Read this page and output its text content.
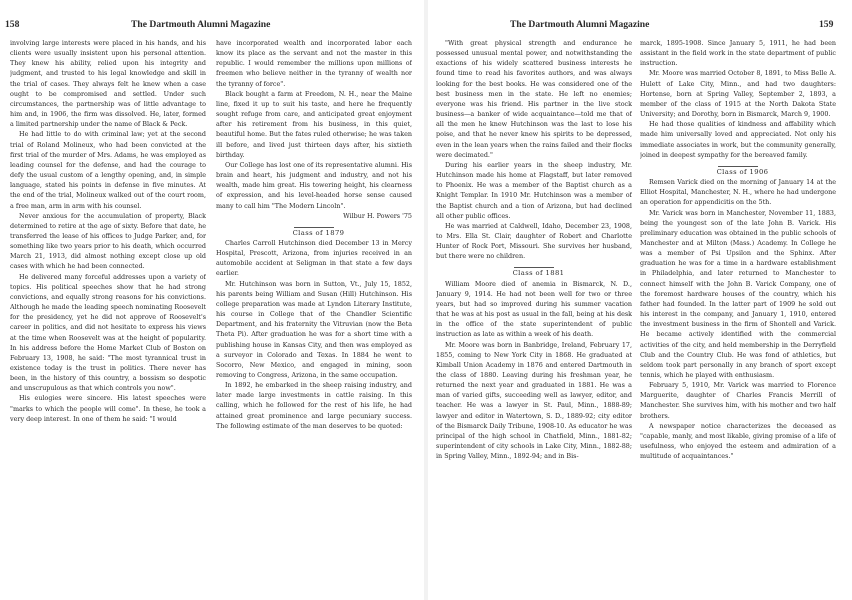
158	The Dartmouth Alumni Magazine	The Dartmouth Alumni Magazine	159

involving large interests were placed in his hands, and his clients were usually insistent upon his personal attention. They knew his ability, relied upon his integrity and judgment, and trusted to his legal knowledge and skill in the trial of cases. They always felt he knew when a case ought to be compromised and settled. Under such circumstances, the partnership was of little advantage to him and, in 1906, the firm was dissolved. He, later, formed a limited partnership under the name of Black & Peck.

He had little to do with criminal law; yet at the second trial of Roland Molineux, who had been convicted at the first trial of the murder of Mrs. Adams, he was employed as leading counsel for the defense, and had the courage to defy the usual custom of a lengthy opening, and, in simple language, stated his points in defense in five minutes. At the end of the trial, Molineux walked out of the court room, a free man, arm in arm with his counsel.

Never anxious for the accumulation of property, Black determined to retire at the age of sixty. Before that date, he transferred the lease of his offices to Judge Parker, and, for something like two years prior to his death, which occurred March 21, 1913, did almost nothing except close up old cases with which he had been connected.

He delivered many forceful addresses upon a variety of topics. His political speeches show that he had strong convictions, and equally strong reasons for his convictions. Although he made the leading speech nominating Roosevelt for the presidency, yet he did not approve of Roosevelt's career in politics, and did not hesitate to express his views at the time when Roosevelt was at the height of popularity. In his address before the Home Market Club of Boston on February 13, 1908, he said: "The most tyrannical trust in existence today is the trust in politics. There never has been, in the history of this country, a bossism so despotic and unscrupulous as that which controls you now".

His eulogies were sincere. His latest speeches were "marks to which the people will come". In these, he took a very deep interest. In one of them he said: "I would

have incorporated wealth and incorporated labor each know its place as the servant and not the master in this republic. I would remember the millions upon millions of freemen who believe neither in the tyranny of wealth nor the tyranny of force".

Black bought a farm at Freedom, N. H., near the Maine line, fixed it up to suit his taste, and here he frequently sought refuge from care, and anticipated great enjoyment after his retirement from his business, in this quiet, beautiful home. But the fates ruled otherwise; he was taken ill before, and lived just thirteen days after, his sixtieth birthday.

Our College has lost one of its representative alumni. His brain and heart, his judgment and industry, and not his wealth, made him great. His towering height, his clearness of expression, and his level-headed horse sense caused many to call him "The Modern Lincoln".

Wilbur H. Powers '75

Class of 1879

Charles Carroll Hutchinson died December 13 in Mercy Hospital, Prescott, Arizona, from injuries received in an automobile accident at Seligman in that state a few days earlier.

Mr. Hutchinson was born in Sutton, Vt., July 15, 1852, his parents being William and Susan (Hill) Hutchinson. His college preparation was made at Lyndon Literary Institute, his course in College that of the Chandler Scientific Department, and his fraternity the Vitruvian (now the Beta Theta Pi). After graduation he was for a short time with a publishing house in Kansas City, and then was employed as a surveyor in Colorado and Texas. In 1884 he went to Socorro, New Mexico, and engaged in mining, soon removing to Congress, Arizona, in the same occupation.

In 1892, he embarked in the sheep raising industry, and later made large investments in cattle raising. In this calling, which he followed for the rest of his life, he had attained great prominence and large pecuniary success. The following estimate of the man deserves to be quoted:

"With great physical strength and endurance he possessed unusual mental power, and notwithstanding the exactions of his widely scattered business interests he found time to read his favorites authors, and was always looking for the best books. He was considered one of the best business men in the state. He left no enemies; everyone was his friend. His partner in the live stock business—a banker of wide acquaintance—told me that of all the men he knew Hutchinson was the last to lose his poise, and that he never knew his spirits to be depressed, even in the lean years when the rains failed and their flocks were decimated."

During his earlier years in the sheep industry, Mr. Hutchinson made his home at Flagstaff, but later removed to Phoenix. He was a member of the Baptist church as a Knight Templar. In 1910 Mr. Hutchinson was a member of the Baptist church and a tion of Arizona, but had declined all other public offices.

He was married at Caldwell, Idaho, December 23, 1908, to Mrs. Ella St. Clair, daughter of Robert and Charlotte Hunter of Rock Port, Missouri. She survives her husband, but there were no children.

Class of 1881

William Moore died of anemia in Bismarck, N. D., January 9, 1914. He had not been well for two or three years, but had so improved during his summer vacation that he was at his post as usual in the fall, being at his desk in the office of the state superintendent of public instruction as late as within a week of his death.

Mr. Moore was born in Banbridge, Ireland, February 17, 1855, coming to New York City in 1868. He graduated at Kimball Union Academy in 1876 and entered Dartmouth in the class of 1880. Leaving during his freshman year, he returned the next year and graduated in 1881. He was a man of varied gifts, succeeding well as lawyer, editor, and teacher. He was a lawyer in St. Paul, Minn., 1888-89; lawyer and editor in Watertown, S. D., 1889-92; city editor of the Bismarck Daily Tribune, 1908-10. As educator he was principal of the high school in Chatfield, Minn., 1881-82; superintendent of city schools in Lake City, Minn., 1882-88; in Spring Valley, Minn., 1892-94; and in Bis-

marck, 1895-1908. Since January 5, 1911, he had been assistant in the field work in the state department of public instruction.

Mr. Moore was married October 8, 1891, to Miss Belle A. Hulett of Lake City, Minn., and had two daughters: Hortense, born at Spring Valley, September 2, 1893, a member of the class of 1915 at the North Dakota State University; and Dorothy, born in Bismarck, March 9, 1900.

He had those qualities of kindness and affability which made him universally loved and appreciated. Not only his immediate associates in work, but the community generally, joined in deepest sympathy for the bereaved family.

Class of 1906

Remsen Varick died on the morning of January 14 at the Elliot Hospital, Manchester, N. H., where he had undergone an operation for appendicitis on the 5th.

Mr. Varick was born in Manchester, November 11, 1883, being the youngest son of the late John B. Varick. His preliminary education was obtained in the public schools of Manchester and at Milton (Mass.) Academy. In College he was a member of Psi Upsilon and the Sphinx. After graduation he was for a time in a hardware establishment in Philadelphia, and later returned to Manchester to connect himself with the John B. Varick Company, one of the foremost hardware houses of the country, which his father had founded. In the latter part of 1909 he sold out his interest in the company, and January 1, 1910, entered the investment business in the firm of Shontell and Varick. He became actively identified with the commercial activities of the city, and held membership in the Derryfield Club and the Country Club. He was fond of athletics, but seldom took part personally in any branch of sport except tennis, which he played with enthusiasm.

February 5, 1910, Mr. Varick was married to Florence Marguerite, daughter of Charles Francis Merrill of Manchester. She survives him, with his mother and two half brothers.

A newspaper notice characterizes the deceased as "capable, manly, and most likable, giving promise of a life of usefulness, who enjoyed the esteem and admiration of a multitude of acquaintances."
